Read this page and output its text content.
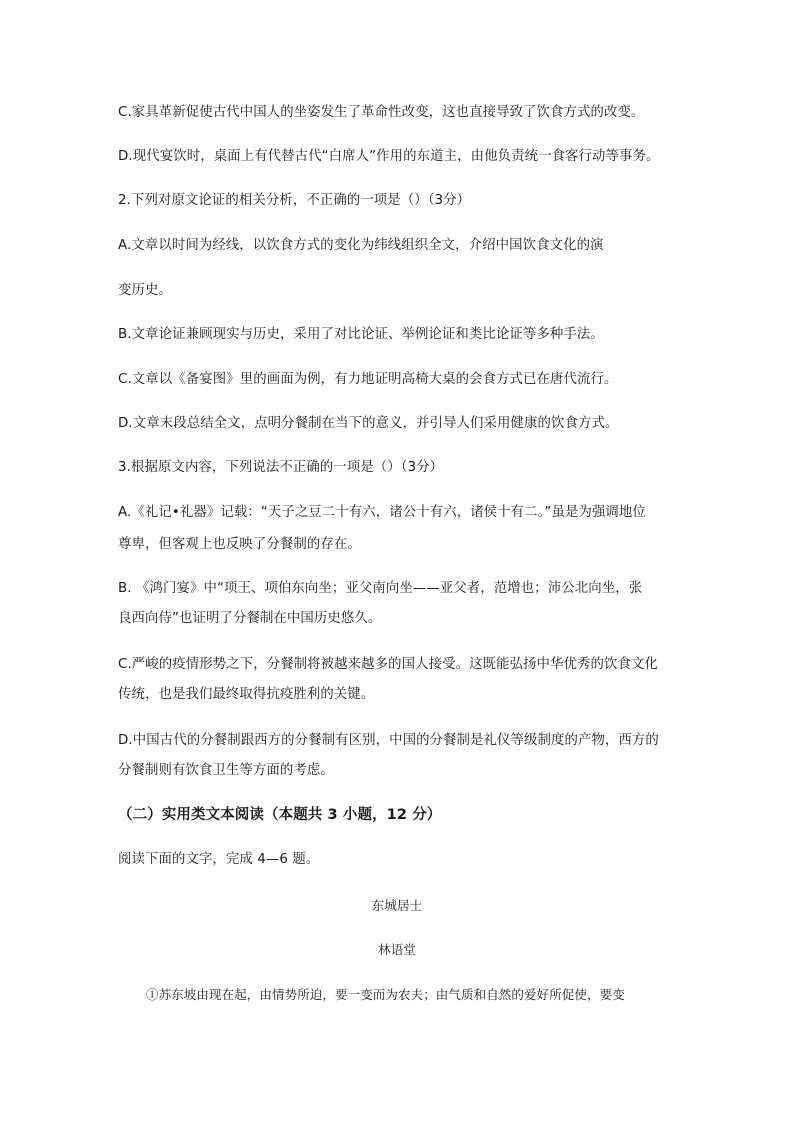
C.家具革新促使古代中国人的坐姿发生了革命性改变，这也直接导致了饮食方式的改变。

D.现代宴饮时，桌面上有代替古代“白席人”作用的东道主，由他负责统一食客行动等事务。

2.下列对原文论证的相关分析，不正确的一项是（）（3分）

A.文章以时间为经线，以饮食方式的变化为纬线组织全文，介绍中国饮食文化的演

变历史。

B.文章论证兼顾现实与历史，采用了对比论证、举例论证和类比论证等多种手法。

C.文章以《备宴图》里的画面为例，有力地证明高椅大桌的会食方式已在唐代流行。

D.文章末段总结全文，点明分餐制在当下的意义，并引导人们采用健康的饮食方式。

3.根据原文内容，下列说法不正确的一项是（）（3分）

A.《礼记•礼器》记载：“天子之豆二十有六，诸公十有六，诸侯十有二。”虽是为强调地位

尊卑，但客观上也反映了分餐制的存在。

B. 《鸿门宴》中“项王、项伯东向坐；亚父南向坐——亚父者，范增也；沛公北向坐，张

良西向侍”也证明了分餐制在中国历史悠久。

C.严峻的疫情形势之下，分餐制将被越来越多的国人接受。这既能弘扬中华优秀的饮食文化

传统，也是我们最终取得抗疫胜利的关键。

D.中国古代的分餐制跟西方的分餐制有区别，中国的分餐制是礼仪等级制度的产物，西方的

分餐制则有饮食卫生等方面的考虑。

（二）实用类文本阅读（本题共 3 小题，12 分）

阅读下面的文字，完成 4—6 题。

东城居士

林语堂

①苏东坡由现在起，由情势所迫，要一变而为农夫；由气质和自然的爱好所促使，要变
